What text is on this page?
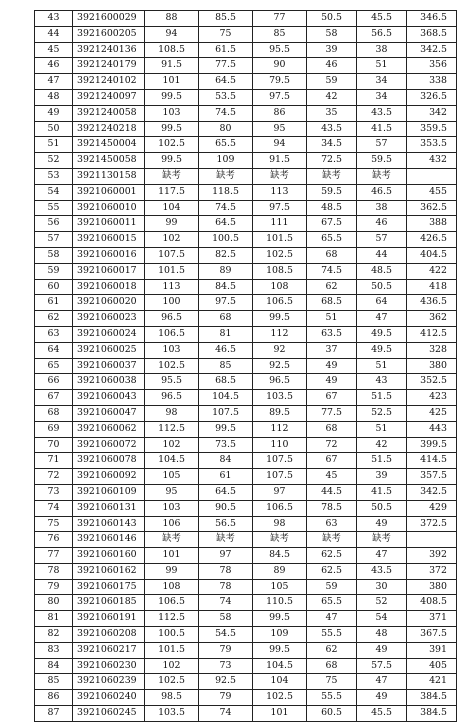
43	3921600029	88	85.5	77	50.5	45.5	346.5
44	3921600205	94	75	85	58	56.5	368.5
45	3921240136	108.5	61.5	95.5	39	38	342.5
46	3921240179	91.5	77.5	90	46	51	356
47	3921240102	101	64.5	79.5	59	34	338
48	3921240097	99.5	53.5	97.5	42	34	326.5
49	3921240058	103	74.5	86	35	43.5	342
50	3921240218	99.5	80	95	43.5	41.5	359.5
51	3921450004	102.5	65.5	94	34.5	57	353.5
52	3921450058	99.5	109	91.5	72.5	59.5	432
53	3921130158	缺考	缺考	缺考	缺考	缺考	
54	3921060001	117.5	118.5	113	59.5	46.5	455
55	3921060010	104	74.5	97.5	48.5	38	362.5
56	3921060011	99	64.5	111	67.5	46	388
57	3921060015	102	100.5	101.5	65.5	57	426.5
58	3921060016	107.5	82.5	102.5	68	44	404.5
59	3921060017	101.5	89	108.5	74.5	48.5	422
60	3921060018	113	84.5	108	62	50.5	418
61	3921060020	100	97.5	106.5	68.5	64	436.5
62	3921060023	96.5	68	99.5	51	47	362
63	3921060024	106.5	81	112	63.5	49.5	412.5
64	3921060025	103	46.5	92	37	49.5	328
65	3921060037	102.5	85	92.5	49	51	380
66	3921060038	95.5	68.5	96.5	49	43	352.5
67	3921060043	96.5	104.5	103.5	67	51.5	423
68	3921060047	98	107.5	89.5	77.5	52.5	425
69	3921060062	112.5	99.5	112	68	51	443
70	3921060072	102	73.5	110	72	42	399.5
71	3921060078	104.5	84	107.5	67	51.5	414.5
72	3921060092	105	61	107.5	45	39	357.5
73	3921060109	95	64.5	97	44.5	41.5	342.5
74	3921060131	103	90.5	106.5	78.5	50.5	429
75	3921060143	106	56.5	98	63	49	372.5
76	3921060146	缺考	缺考	缺考	缺考	缺考	
77	3921060160	101	97	84.5	62.5	47	392
78	3921060162	99	78	89	62.5	43.5	372
79	3921060175	108	78	105	59	30	380
80	3921060185	106.5	74	110.5	65.5	52	408.5
81	3921060191	112.5	58	99.5	47	54	371
82	3921060208	100.5	54.5	109	55.5	48	367.5
83	3921060217	101.5	79	99.5	62	49	391
84	3921060230	102	73	104.5	68	57.5	405
85	3921060239	102.5	92.5	104	75	47	421
86	3921060240	98.5	79	102.5	55.5	49	384.5
87	3921060245	103.5	74	101	60.5	45.5	384.5
